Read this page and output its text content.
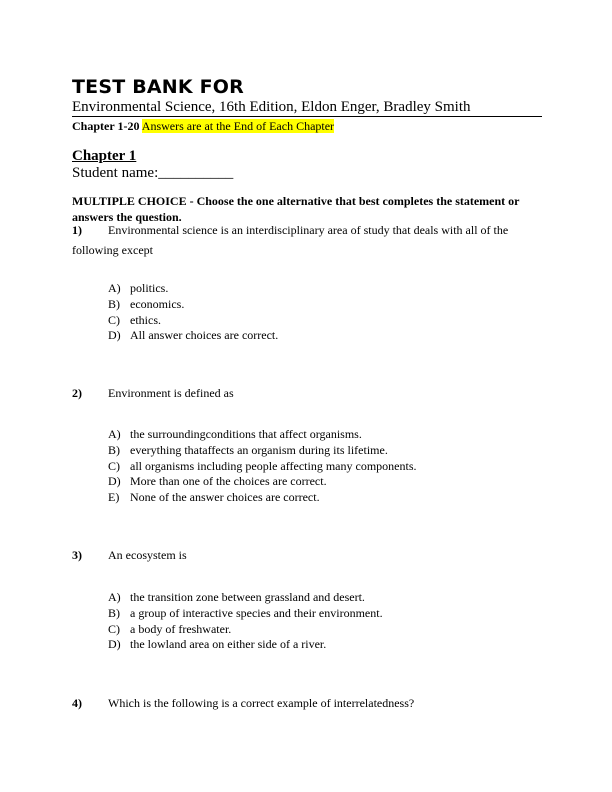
TEST BANK FOR
Environmental Science, 16th Edition, Eldon Enger, Bradley Smith
Chapter 1-20 Answers are at the End of Each Chapter
Chapter 1
Student name:__________
MULTIPLE CHOICE - Choose the one alternative that best completes the statement or answers the question.
1)	Environmental science is an interdisciplinary area of study that deals with all of the following except
A) politics.
B) economics.
C) ethics.
D) All answer choices are correct.
2) Environment is defined as
A) the surroundingconditions that affect organisms.
B) everything thataffects an organism during its lifetime.
C) all organisms including people affecting many components.
D) More than one of the choices are correct.
E) None of the answer choices are correct.
3) An ecosystem is
A) the transition zone between grassland and desert.
B) a group of interactive species and their environment.
C) a body of freshwater.
D) the lowland area on either side of a river.
4) Which is the following is a correct example of interrelatedness?
